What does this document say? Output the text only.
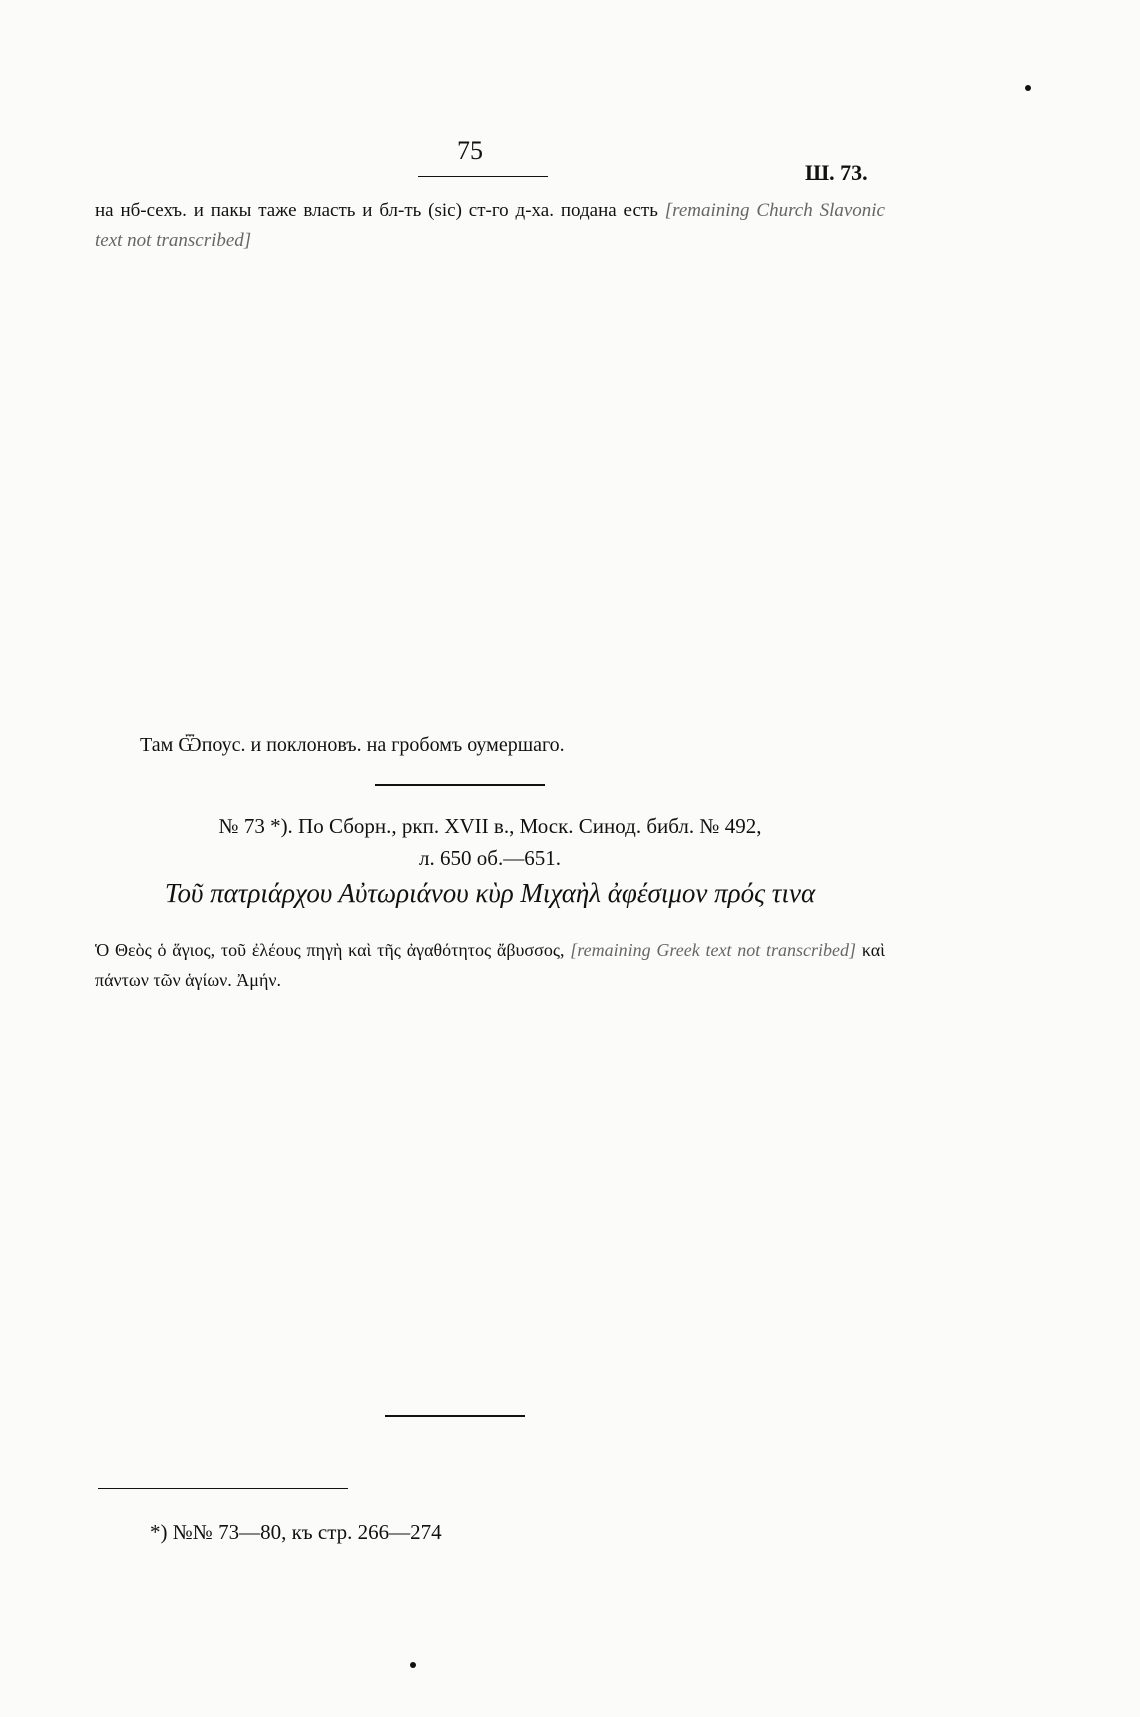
75
Ш. 73.
на нб-сехъ. и пакы таже власть и бл-ть (sic) ст-го д-ха. подана есть [remaining Church Slavonic text not transcribed]
Там Ѿпоус. и поклоновъ. на гробомъ оумершаго.
№ 73 *). По Сборн., ркп. XVII в., Моск. Синод. библ. № 492,
л. 650 об.—651.
Τοῦ πατριάρχου Αὐτωριάνου κὺρ Μιχαὴλ ἀφέσιμον πρός τινα
Ὁ Θεὸς ὁ ἅγιος, τοῦ ἐλέους πηγὴ καὶ τῆς ἀγαθότητος ἄβυσσος, [remaining Greek text not transcribed] καὶ πάντων τῶν ἁγίων. Ἀμήν.
*) №№ 73—80, къ стр. 266—274
